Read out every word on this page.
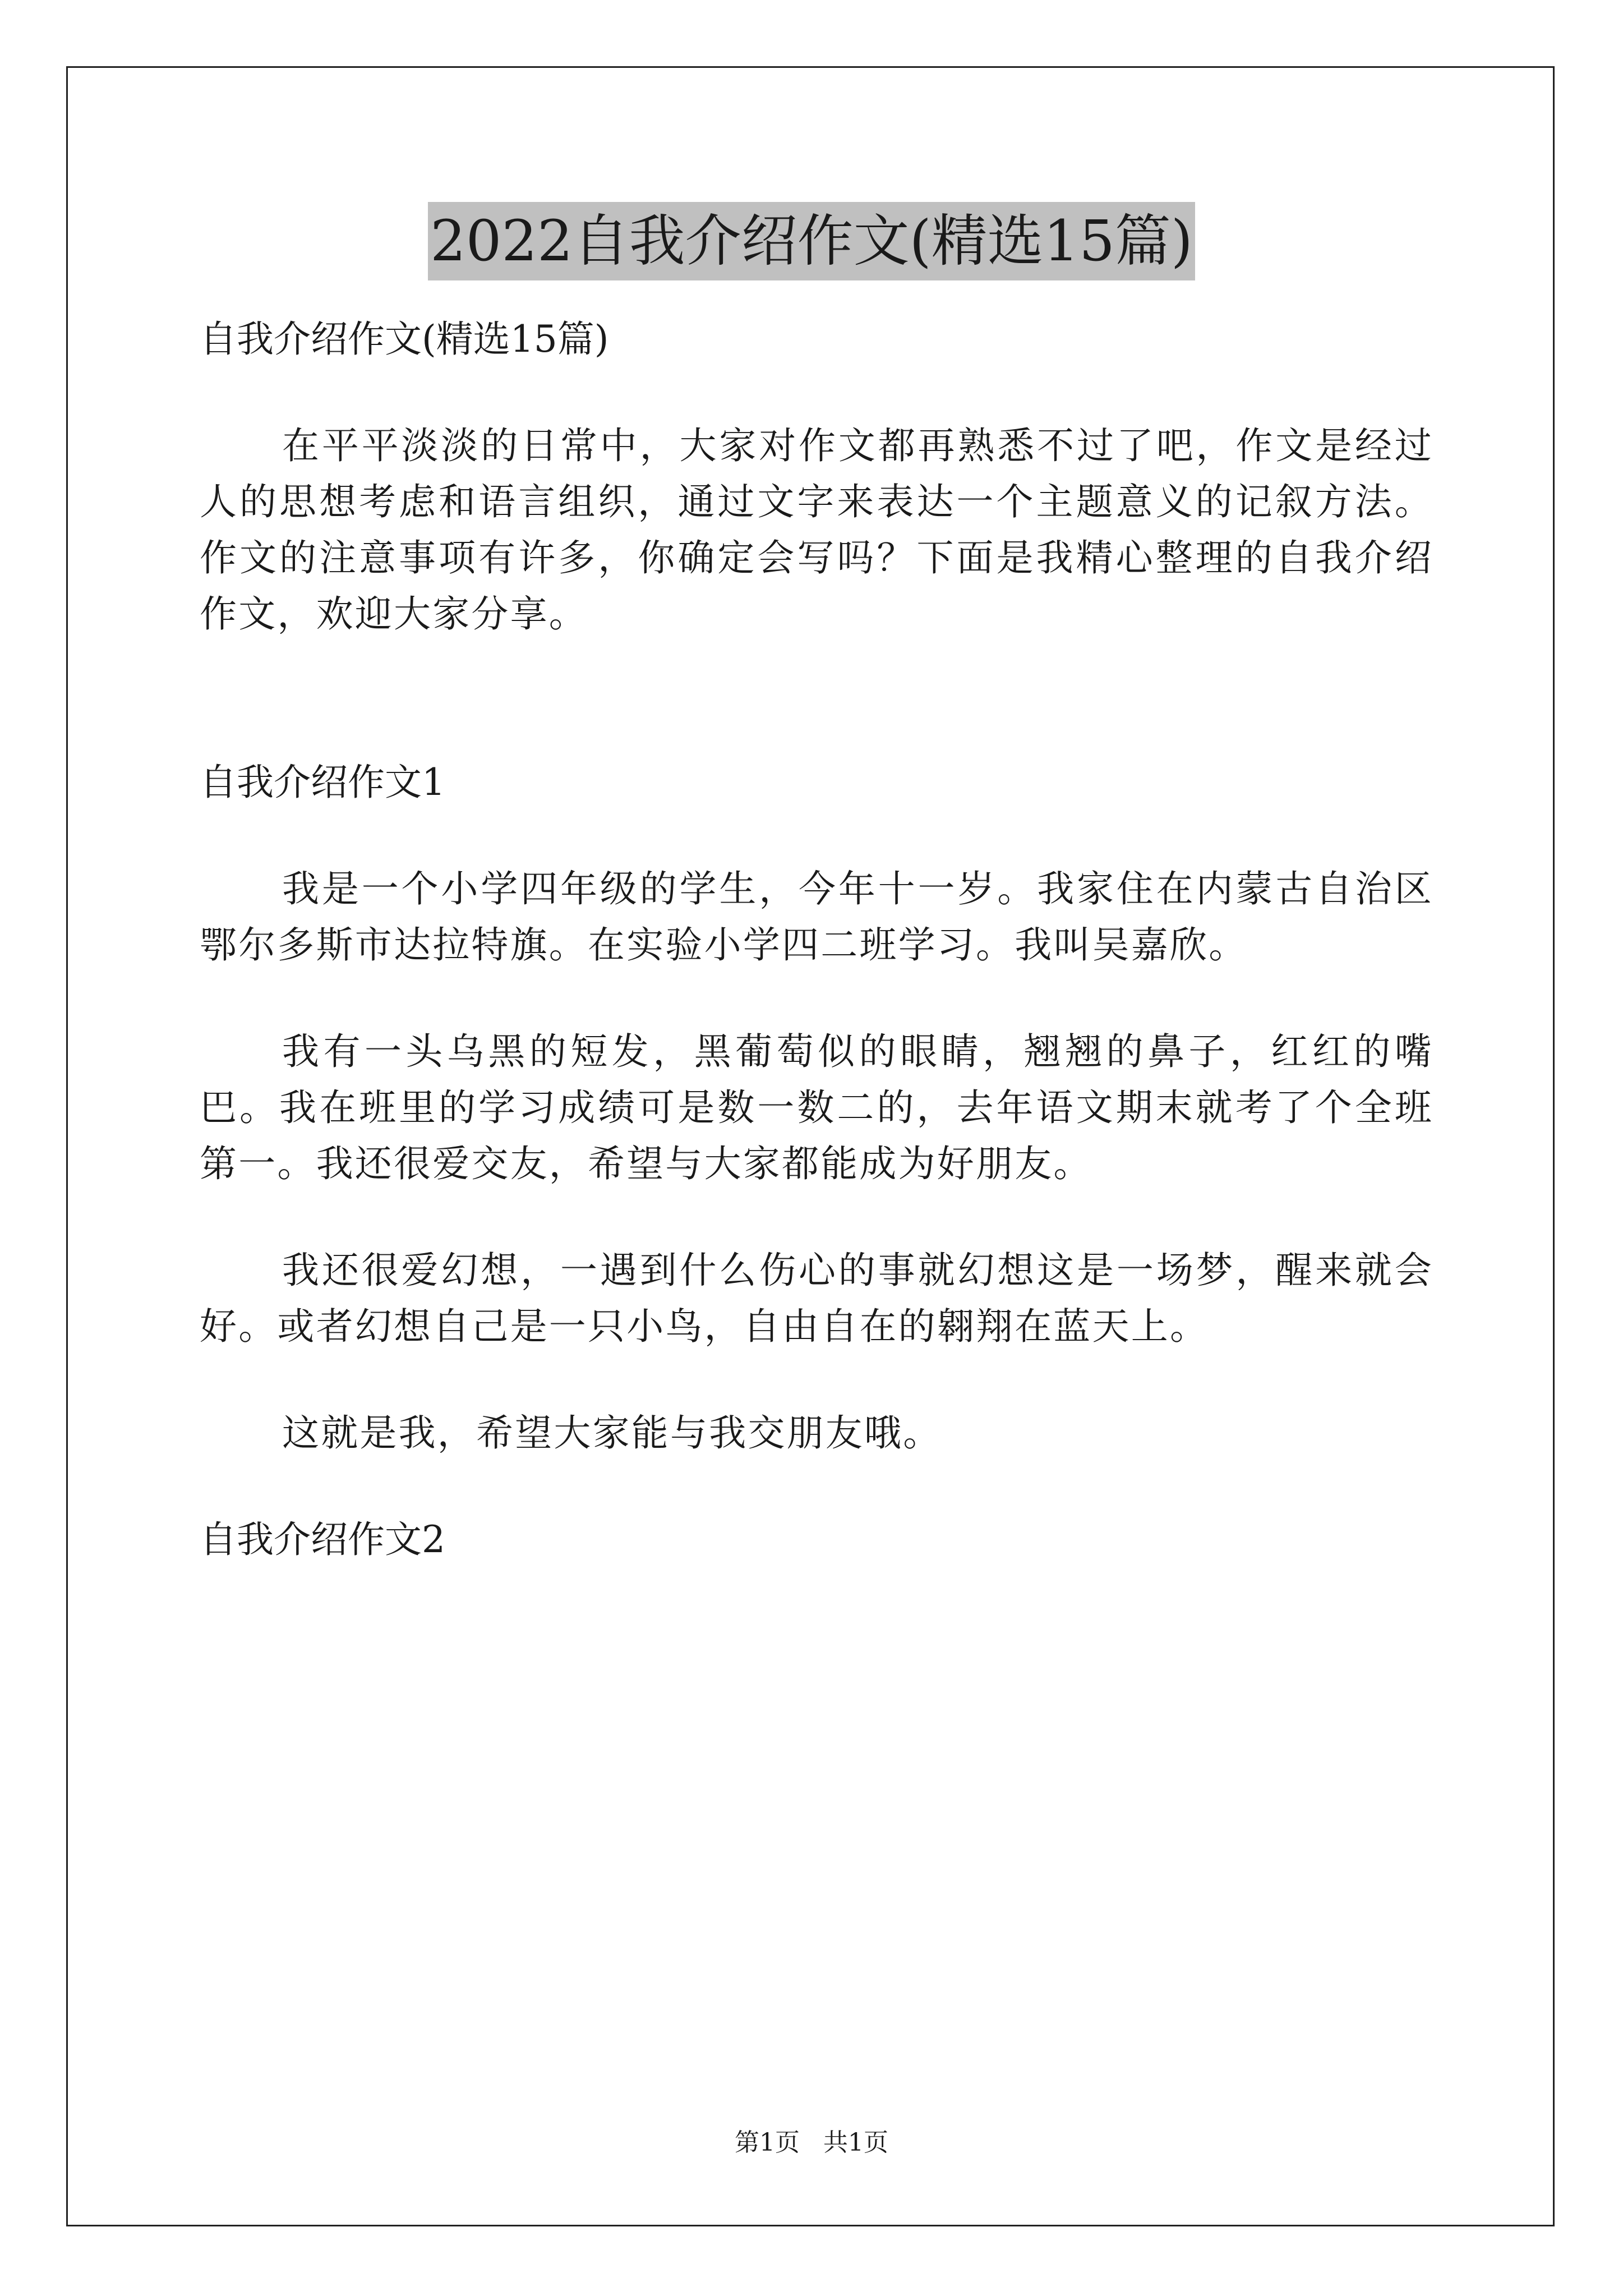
2022自我介绍作文(精选15篇)

自我介绍作文(精选15篇)

在平平淡淡的日常中，大家对作文都再熟悉不过了吧，作文是经过人的思想考虑和语言组织，通过文字来表达一个主题意义的记叙方法。作文的注意事项有许多，你确定会写吗？下面是我精心整理的自我介绍作文，欢迎大家分享。

自我介绍作文1

我是一个小学四年级的学生，今年十一岁。我家住在内蒙古自治区鄂尔多斯市达拉特旗。在实验小学四二班学习。我叫吴嘉欣。

我有一头乌黑的短发，黑葡萄似的眼睛，翘翘的鼻子，红红的嘴巴。我在班里的学习成绩可是数一数二的，去年语文期末就考了个全班第一。我还很爱交友，希望与大家都能成为好朋友。

我还很爱幻想，一遇到什么伤心的事就幻想这是一场梦，醒来就会好。或者幻想自己是一只小鸟，自由自在的翱翔在蓝天上。

这就是我，希望大家能与我交朋友哦。

自我介绍作文2

第1页 共1页
